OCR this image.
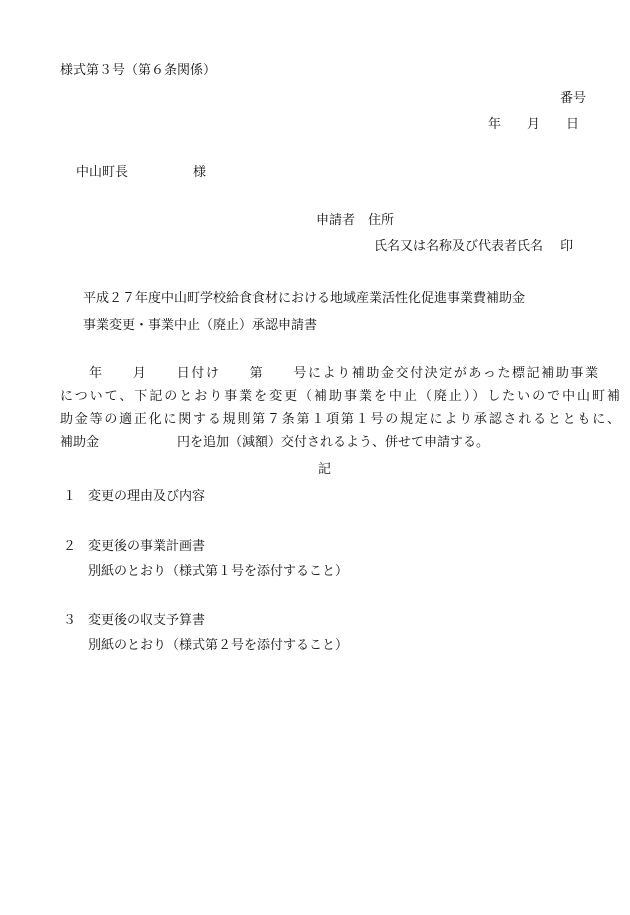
様式第３号（第６条関係）
番号
年　　月　　日
中山町長　　　　　様
申請者　住所
氏名又は名称及び代表者氏名　 印
平成２７年度中山町学校給食食材における地域産業活性化促進事業費補助金
事業変更・事業中止（廃止）承認申請書
　　年　　月　　日付け　　第　　号により補助金交付決定があった標記補助事業
について、下記のとおり事業を変更（補助事業を中止（廃止））したいので中山町補
助金等の適正化に関する規則第７条第１項第１号の規定により承認されるとともに、
補助金　　　　　　円を追加（減額）交付されるよう、併せて申請する。
記
１ 変更の理由及び内容
２ 変更後の事業計画書
別紙のとおり（様式第１号を添付すること）
３ 変更後の収支予算書
別紙のとおり（様式第２号を添付すること）
